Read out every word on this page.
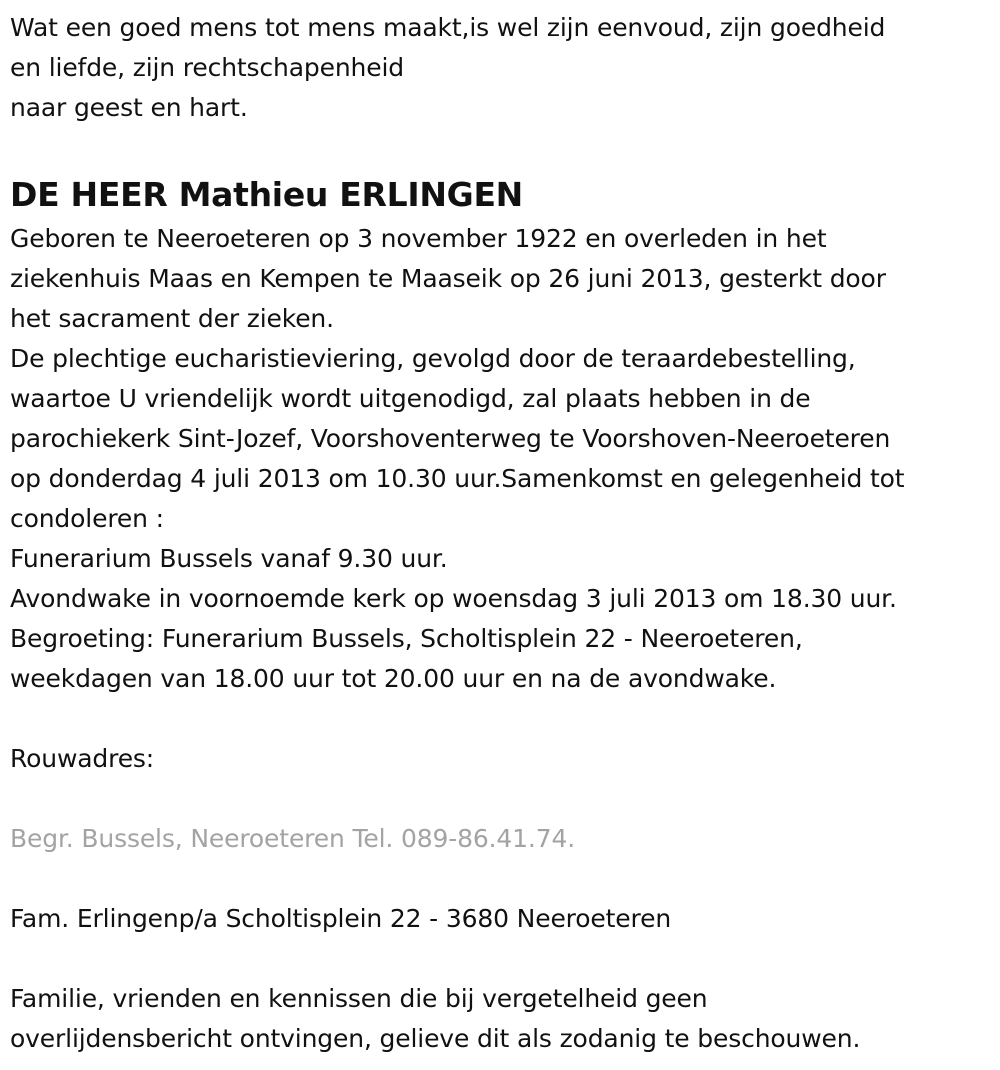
Wat een goed mens tot mens maakt,is wel zijn eenvoud, zijn goedheid
en liefde, zijn rechtschapenheid
naar geest en hart.
DE HEER Mathieu ERLINGEN
Geboren te Neeroeteren op 3 november 1922 en overleden in het
ziekenhuis Maas en Kempen te Maaseik op 26 juni 2013, gesterkt door
het sacrament der zieken.
De plechtige eucharistieviering, gevolgd door de teraardebestelling,
waartoe U vriendelijk wordt uitgenodigd, zal plaats hebben in de
parochiekerk Sint-Jozef, Voorshoventerweg te Voorshoven-Neeroeteren
op donderdag 4 juli 2013 om 10.30 uur.Samenkomst en gelegenheid tot
condoleren :
Funerarium Bussels vanaf 9.30 uur.
Avondwake in voornoemde kerk op woensdag 3 juli 2013 om 18.30 uur.
Begroeting: Funerarium Bussels, Scholtisplein 22 - Neeroeteren,
weekdagen van 18.00 uur tot 20.00 uur en na de avondwake.
Rouwadres:
Begr. Bussels, Neeroeteren Tel. 089-86.41.74.
Fam. Erlingenp/a Scholtisplein 22 - 3680 Neeroeteren
Familie, vrienden en kennissen die bij vergetelheid geen
overlijdensbericht ontvingen, gelieve dit als zodanig te beschouwen.
